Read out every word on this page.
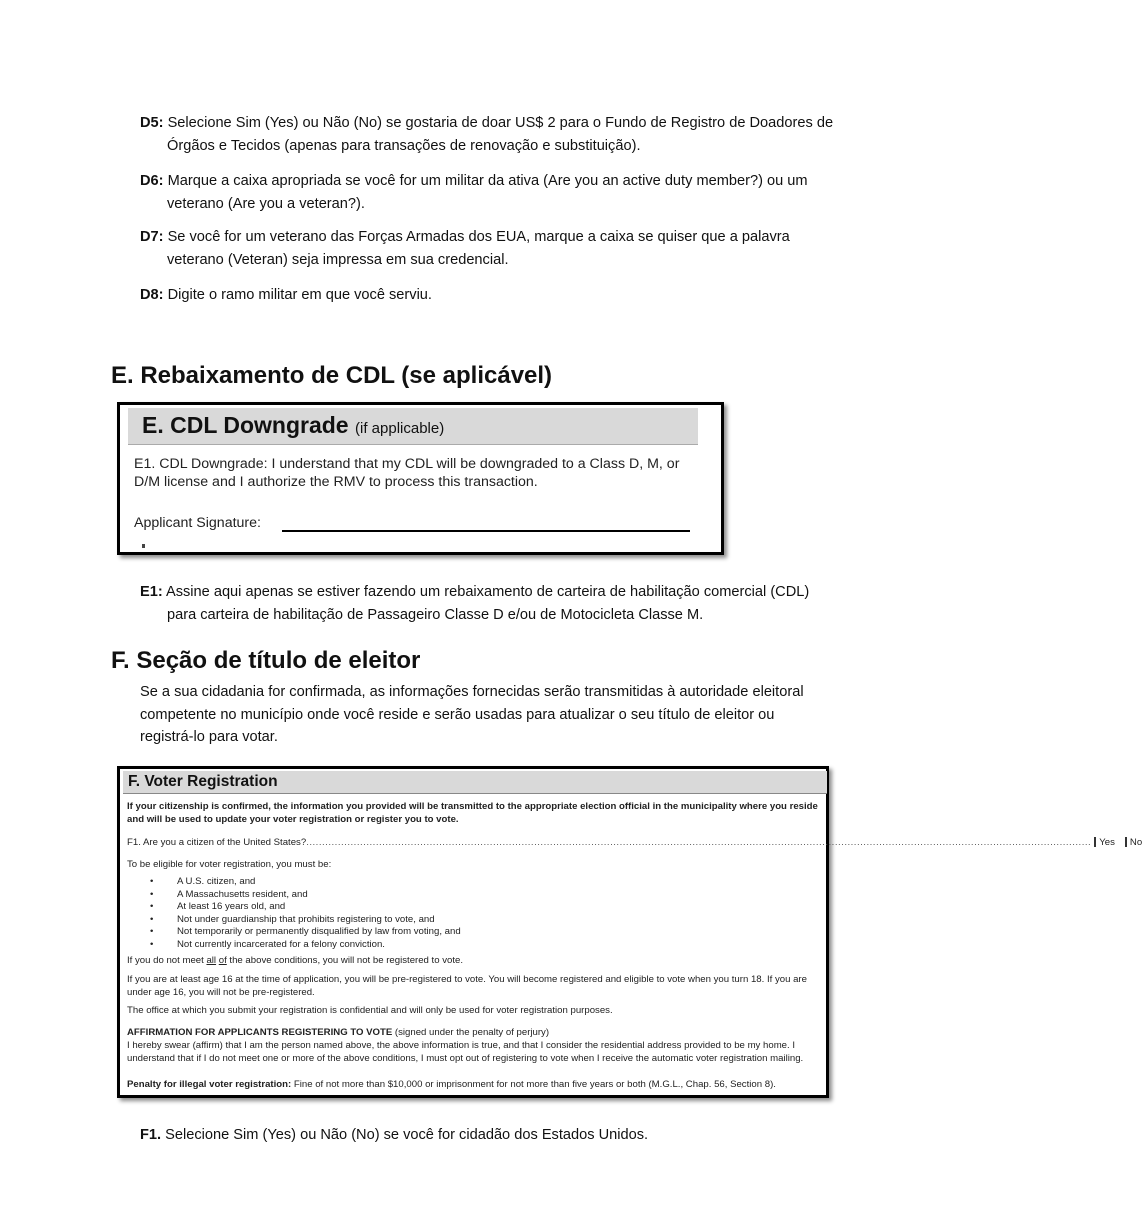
D5: Selecione Sim (Yes) ou Não (No) se gostaria de doar US$ 2 para o Fundo de Registro de Doadores de Órgãos e Tecidos (apenas para transações de renovação e substituição).
D6: Marque a caixa apropriada se você for um militar da ativa (Are you an active duty member?) ou um veterano (Are you a veteran?).
D7: Se você for um veterano das Forças Armadas dos EUA, marque a caixa se quiser que a palavra veterano (Veteran) seja impressa em sua credencial.
D8: Digite o ramo militar em que você serviu.
E. Rebaixamento de CDL (se aplicável)
E. CDL Downgrade (if applicable)
E1. CDL Downgrade: I understand that my CDL will be downgraded to a Class D, M, or D/M license and I authorize the RMV to process this transaction.
Applicant Signature:
E1: Assine aqui apenas se estiver fazendo um rebaixamento de carteira de habilitação comercial (CDL) para carteira de habilitação de Passageiro Classe D e/ou de Motocicleta Classe M.
F. Seção de título de eleitor
Se a sua cidadania for confirmada, as informações fornecidas serão transmitidas à autoridade eleitoral competente no município onde você reside e serão usadas para atualizar o seu título de eleitor ou registrá-lo para votar.
F. Voter Registration
If your citizenship is confirmed, the information you provided will be transmitted to the appropriate election official in the municipality where you reside and will be used to update your voter registration or register you to vote.
F1. Are you a citizen of the United States? ........................................................................................................................................................................................................................................................ Yes No
To be eligible for voter registration, you must be:
• A U.S. citizen, and
• A Massachusetts resident, and
• At least 16 years old, and
• Not under guardianship that prohibits registering to vote, and
• Not temporarily or permanently disqualified by law from voting, and
• Not currently incarcerated for a felony conviction.
If you do not meet all of the above conditions, you will not be registered to vote.
If you are at least age 16 at the time of application, you will be pre-registered to vote. You will become registered and eligible to vote when you turn 18. If you are under age 16, you will not be pre-registered.
The office at which you submit your registration is confidential and will only be used for voter registration purposes.
AFFIRMATION FOR APPLICANTS REGISTERING TO VOTE (signed under the penalty of perjury)
I hereby swear (affirm) that I am the person named above, the above information is true, and that I consider the residential address provided to be my home. I understand that if I do not meet one or more of the above conditions, I must opt out of registering to vote when I receive the automatic voter registration mailing.
Penalty for illegal voter registration: Fine of not more than $10,000 or imprisonment for not more than five years or both (M.G.L., Chap. 56, Section 8).
F1. Selecione Sim (Yes) ou Não (No) se você for cidadão dos Estados Unidos.
